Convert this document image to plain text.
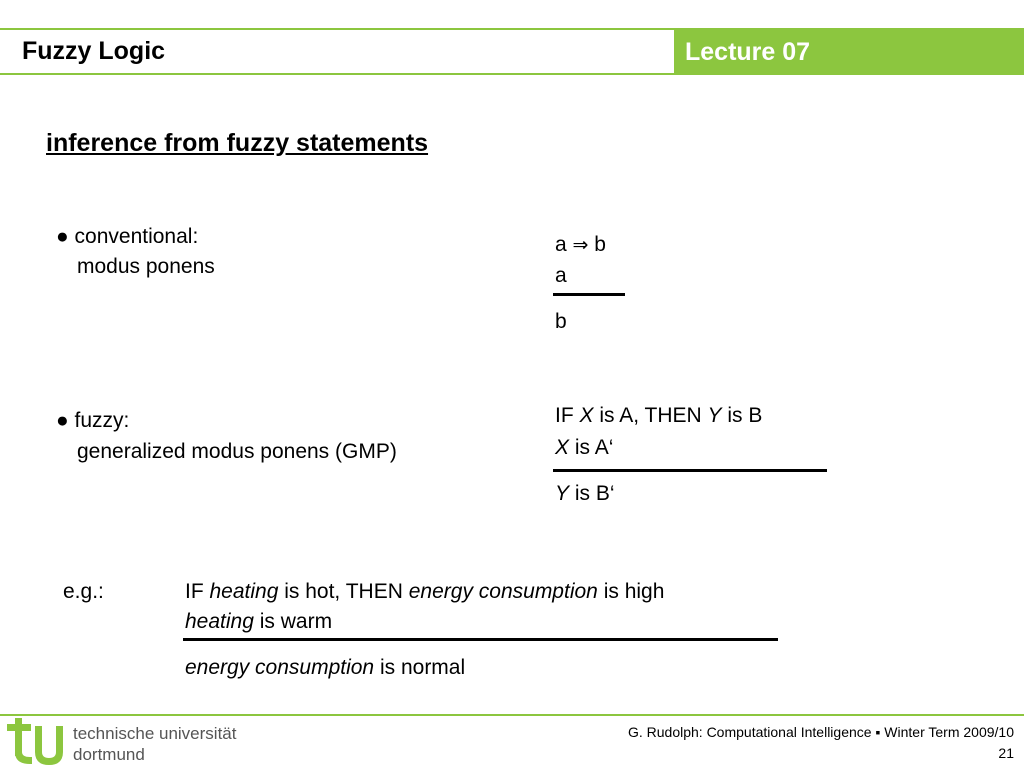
Fuzzy Logic	Lecture 07
inference from fuzzy statements
● conventional:
modus ponens
a ⇒ b
a
b
● fuzzy:
generalized modus ponens (GMP)
IF X is A, THEN Y is B
X is A‘
Y is B‘
e.g.:	IF heating is hot, THEN energy consumption is high
heating is warm
energy consumption is normal
technische universität
dortmund
G. Rudolph: Computational Intelligence ▪ Winter Term 2009/10
21
